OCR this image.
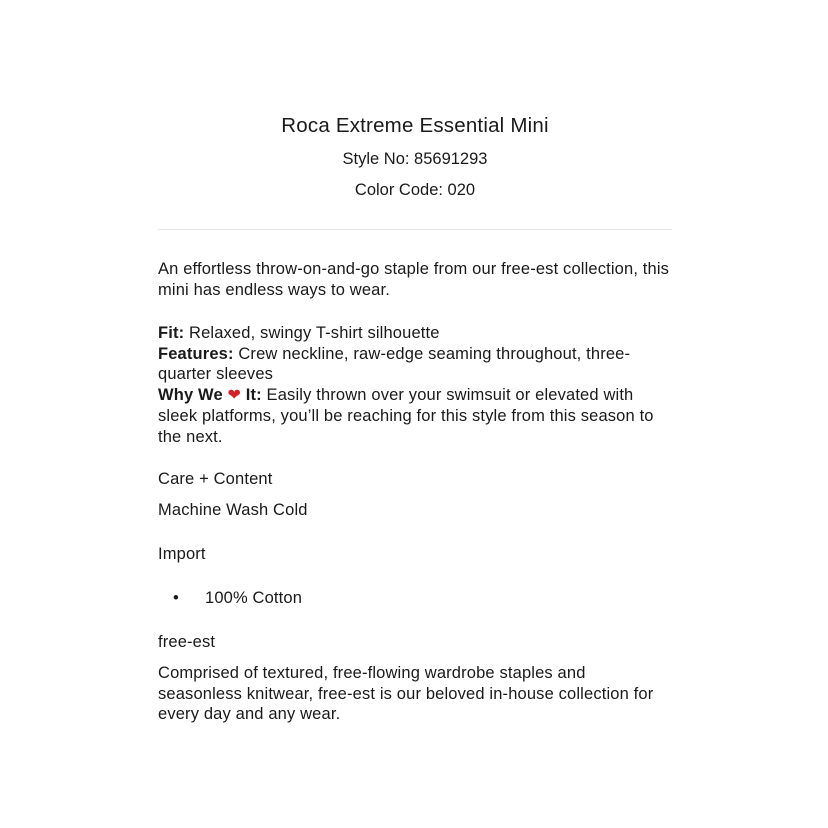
Roca Extreme Essential Mini
Style No: 85691293
Color Code: 020

An effortless throw-on-and-go staple from our free-est collection, this mini has endless ways to wear.

Fit: Relaxed, swingy T-shirt silhouette
Features: Crew neckline, raw-edge seaming throughout, three-quarter sleeves
Why We ❤ It: Easily thrown over your swimsuit or elevated with sleek platforms, you’ll be reaching for this style from this season to the next.
Care + Content
Machine Wash Cold
Import
• 100% Cotton
free-est

Comprised of textured, free-flowing wardrobe staples and seasonless knitwear, free-est is our beloved in-house collection for every day and any wear.
